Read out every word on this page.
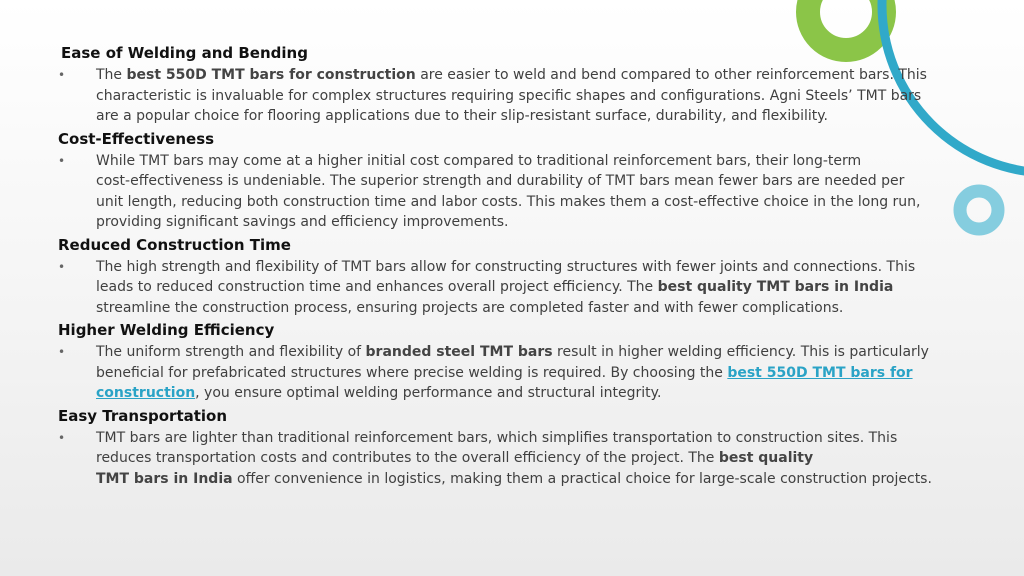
Ease of Welding and Bending
• The best 550D TMT bars for construction are easier to weld and bend compared to other reinforcement bars. This
characteristic is invaluable for complex structures requiring specific shapes and configurations. Agni Steels’ TMT bars
are a popular choice for flooring applications due to their slip-resistant surface, durability, and flexibility.
Cost-Effectiveness
• While TMT bars may come at a higher initial cost compared to traditional reinforcement bars, their long-term
cost-effectiveness is undeniable. The superior strength and durability of TMT bars mean fewer bars are needed per
unit length, reducing both construction time and labor costs. This makes them a cost-effective choice in the long run,
providing significant savings and efficiency improvements.
Reduced Construction Time
• The high strength and flexibility of TMT bars allow for constructing structures with fewer joints and connections. This
leads to reduced construction time and enhances overall project efficiency. The best quality TMT bars in India
streamline the construction process, ensuring projects are completed faster and with fewer complications.
Higher Welding Efficiency
• The uniform strength and flexibility of branded steel TMT bars result in higher welding efficiency. This is particularly
beneficial for prefabricated structures where precise welding is required. By choosing the best 550D TMT bars for
construction, you ensure optimal welding performance and structural integrity.
Easy Transportation
• TMT bars are lighter than traditional reinforcement bars, which simplifies transportation to construction sites. This
reduces transportation costs and contributes to the overall efficiency of the project. The best quality
TMT bars in India offer convenience in logistics, making them a practical choice for large-scale construction projects.
